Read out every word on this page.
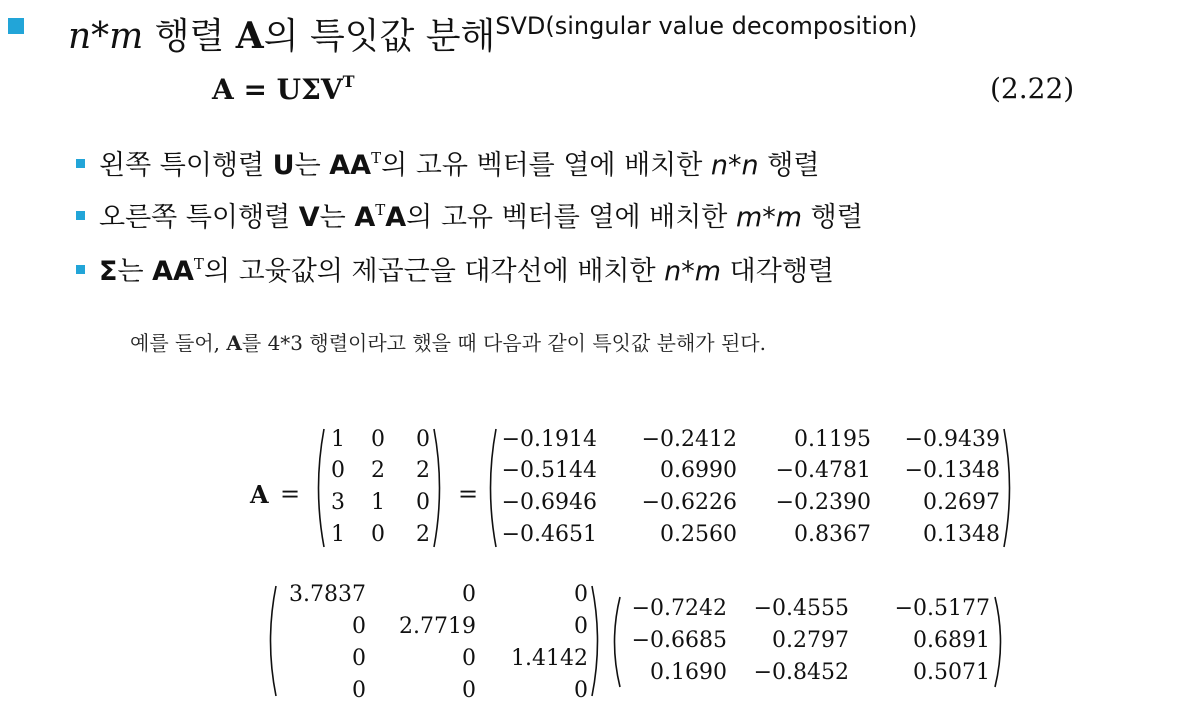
n*m 행렬 A의 특잇값 분해$^{SVD(singular value decomposition)}$
$A = U\Sigma V^T$	(2.22)
왼쪽 특이행렬 U는 $AA^T$의 고유 벡터를 열에 배치한 n*n 행렬
오른쪽 특이행렬 V는 $A^TA$의 고유 벡터를 열에 배치한 m*m 행렬
Σ는 $AA^T$의 고윳값의 제곱근을 대각선에 배치한 n*m 대각행렬
예를 들어, A를 4*3 행렬이라고 했을 때 다음과 같이 특잇값 분해가 된다.
A =	=
1	0	0
0	2	2
3	1	0
1	0	2
−0.1914 −0.2412	0.1195 −0.9439
−0.5144	0.6990 −0.4781 −0.1348
−0.6946 −0.6226 −0.2390	0.2697
−0.4651	0.2560	0.8367	0.1348
3.7837	0	0
0	2.7719	0
0	0	1.4142
0	0	0
−0.7242 −0.4555 −0.5177
−0.6685	0.2797	0.6891
0.1690 −0.8452	0.5071
